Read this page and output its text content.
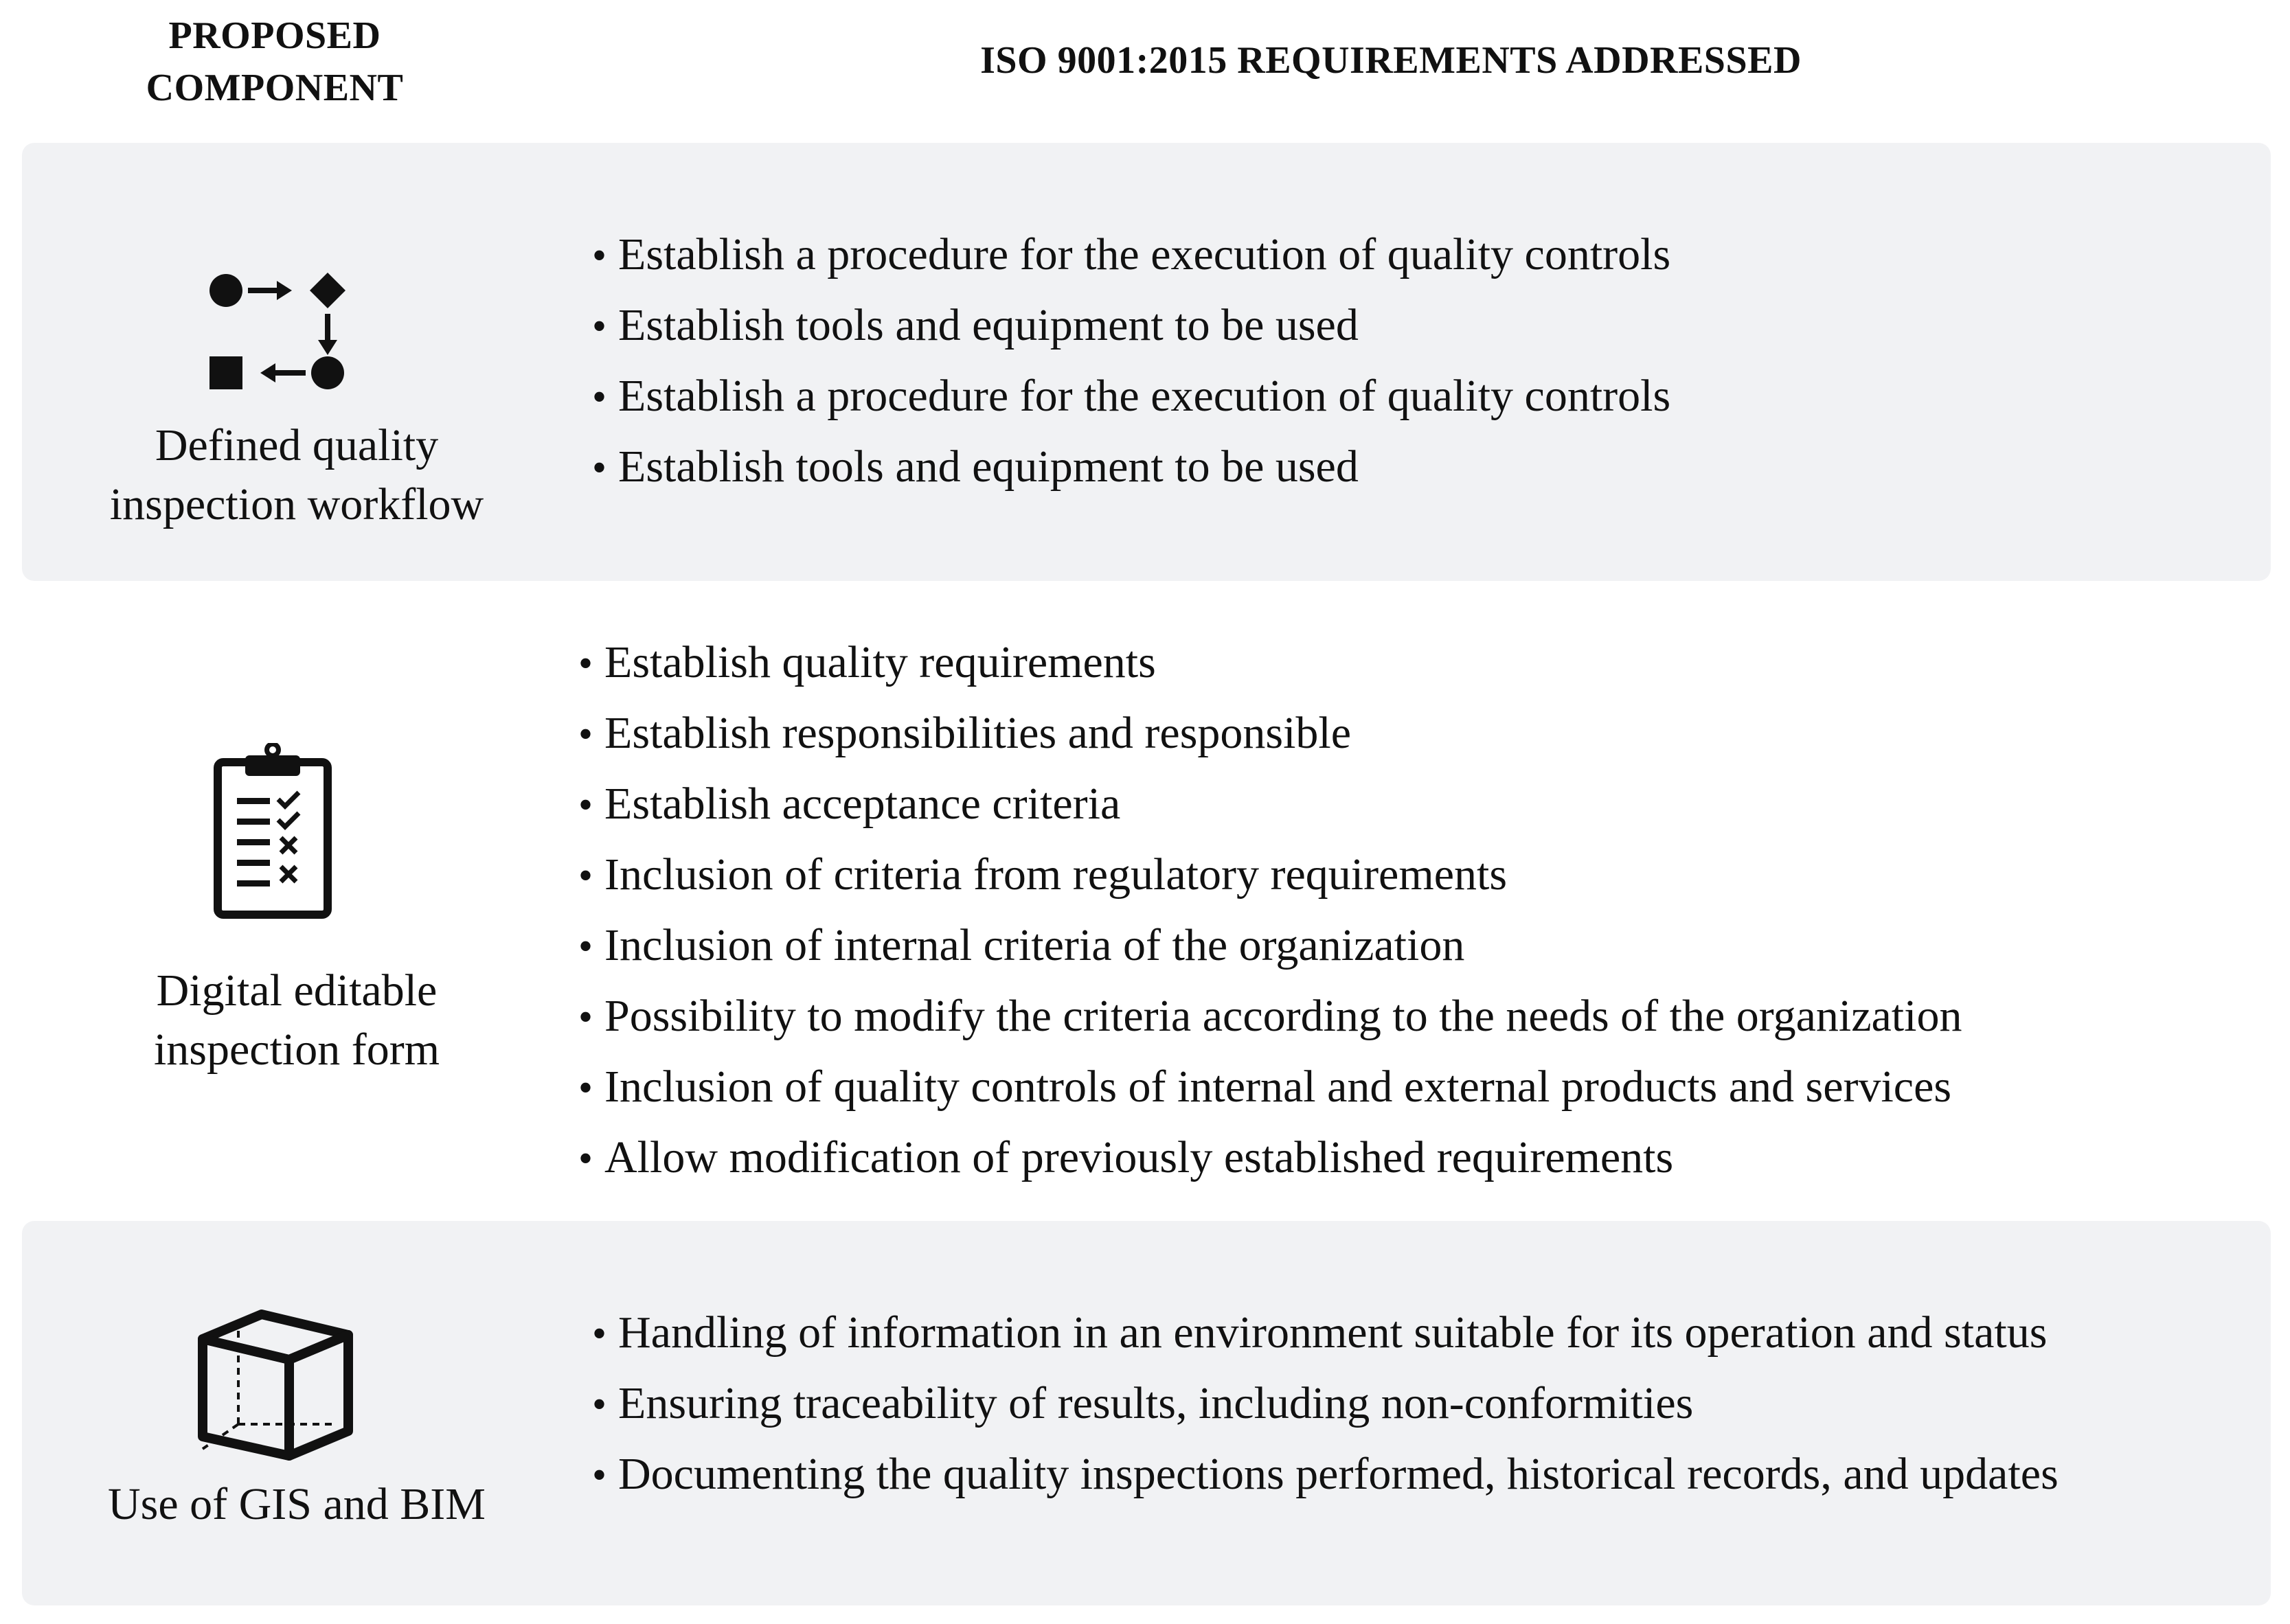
PROPOSED
COMPONENT
ISO 9001:2015 REQUIREMENTS ADDRESSED
Defined quality
inspection workflow
• Establish a procedure for the execution of quality controls
• Establish tools and equipment to be used
• Establish a procedure for the execution of quality controls
• Establish tools and equipment to be used
Digital editable
inspection form
• Establish quality requirements
• Establish responsibilities and responsible
• Establish acceptance criteria
• Inclusion of criteria from regulatory requirements
• Inclusion of internal criteria of the organization
• Possibility to modify the criteria according to the needs of the organization
• Inclusion of quality controls of internal and external products and services
• Allow modification of previously established requirements
Use of GIS and BIM
• Handling of information in an environment suitable for its operation and status
• Ensuring traceability of results, including non-conformities
• Documenting the quality inspections performed, historical records, and updates
